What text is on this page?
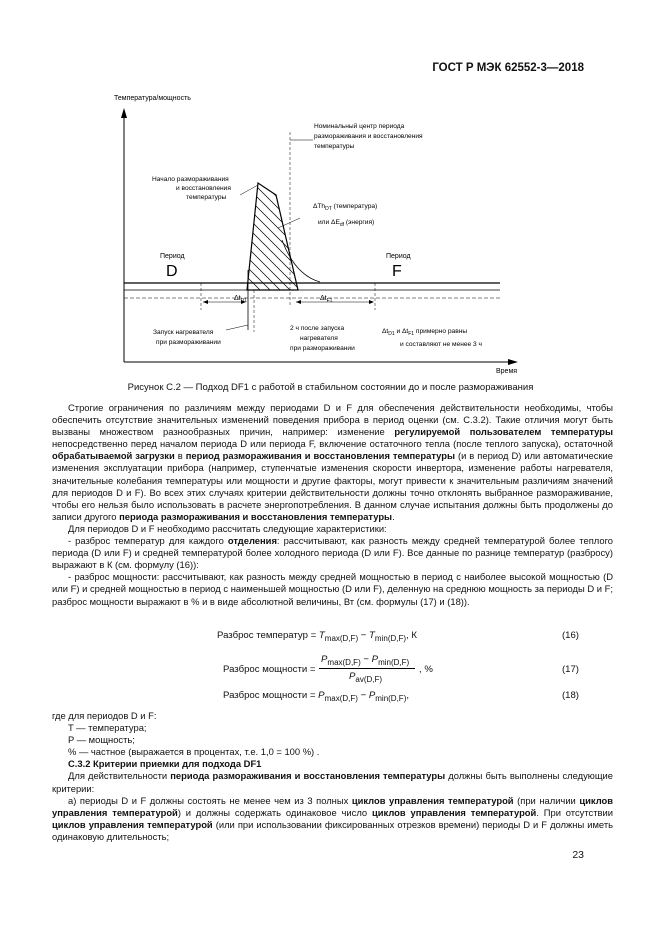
ГОСТ Р МЭК 62552-3—2018
Температура/мощность
Время
Номинальный центр периода размораживания и восстановления температуры
Начало размораживания и восстановления температуры
ΔTh$_{DT}$ (температура) или $\Delta E_{df}$ (энергия)
Период
D
Период
F
$\Delta t_{D1}$	$\Delta t_{F1}$
Запуск нагревателя при размораживании
2 ч после запуска нагревателя при размораживании
$\Delta t_{D1}$ и $\Delta t_{F1}$ примерно равны и составляют не менее 3 ч
Рисунок С.2 — Подход DF1 с работой в стабильном состоянии до и после размораживания

Строгие ограничения по различиям между периодами D и F для обеспечения действительности необходимы, чтобы обеспечить отсутствие значительных изменений поведения прибора в период оценки (см. С.3.2). Такие отличия могут быть вызваны множеством разнообразных причин, например: изменение регулируемой пользователем температуры непосредственно перед началом периода D или периода F, включение остаточного тепла (после теплого запуска), остаточной обрабатываемой загрузки в период размораживания и восстановления температуры (и в период D) или автоматические изменения эксплуатации прибора (например, ступенчатые изменения скорости инвертора, изменение работы нагревателя, значительные колебания температуры или мощности и другие факторы, могут привести к значительным различиям значений для периодов D и F). Во всех этих случаях критерии действительности должны точно отклонять выбранное размораживание, чтобы его нельзя было использовать в расчете энергопотребления. В данном случае испытания должны быть продолжены до записи другого периода размораживания и восстановления температуры.

Для периодов D и F необходимо рассчитать следующие характеристики:

- разброс температур для каждого отделения: рассчитывают, как разность между средней температурой более теплого периода (D или F) и средней температурой более холодного периода (D или F). Все данные по разнице температур (разбросу) выражают в К (см. формулу (16)):

- разброс мощности: рассчитывают, как разность между средней мощностью в период с наиболее высокой мощностью (D или F) и средней мощностью в период с наименьшей мощностью (D или F), деленную на среднюю мощность за периоды D и F; разброс мощности выражают в % и в виде абсолютной величины, Вт (см. формулы (17) и (18)).

Разброс температур = $T_{max(D,F)} - T_{min(D,F)}$, К	(16)
Разброс мощности =
$P_{max(D,F)} - P_{min(D,F)}$
$P_{av(D,F)}$
, %	(17)
Разброс мощности = $P_{max(D,F)} - P_{min(D,F)}$,	(18)

где для периодов D и F:

T — температура;

P — мощность;

% — частное (выражается в процентах, т.е. 1,0 = 100 %) .

С.3.2 Критерии приемки для подхода DF1

Для действительности периода размораживания и восстановления температуры должны быть выполнены следующие критерии:

а) периоды D и F должны состоять не менее чем из 3 полных циклов управления температурой (при наличии циклов управления температурой) и должны содержать одинаковое число циклов управления температурой. При отсутствии циклов управления температурой (или при использовании фиксированных отрезков времени) периоды D и F должны иметь одинаковую длительность;

23
